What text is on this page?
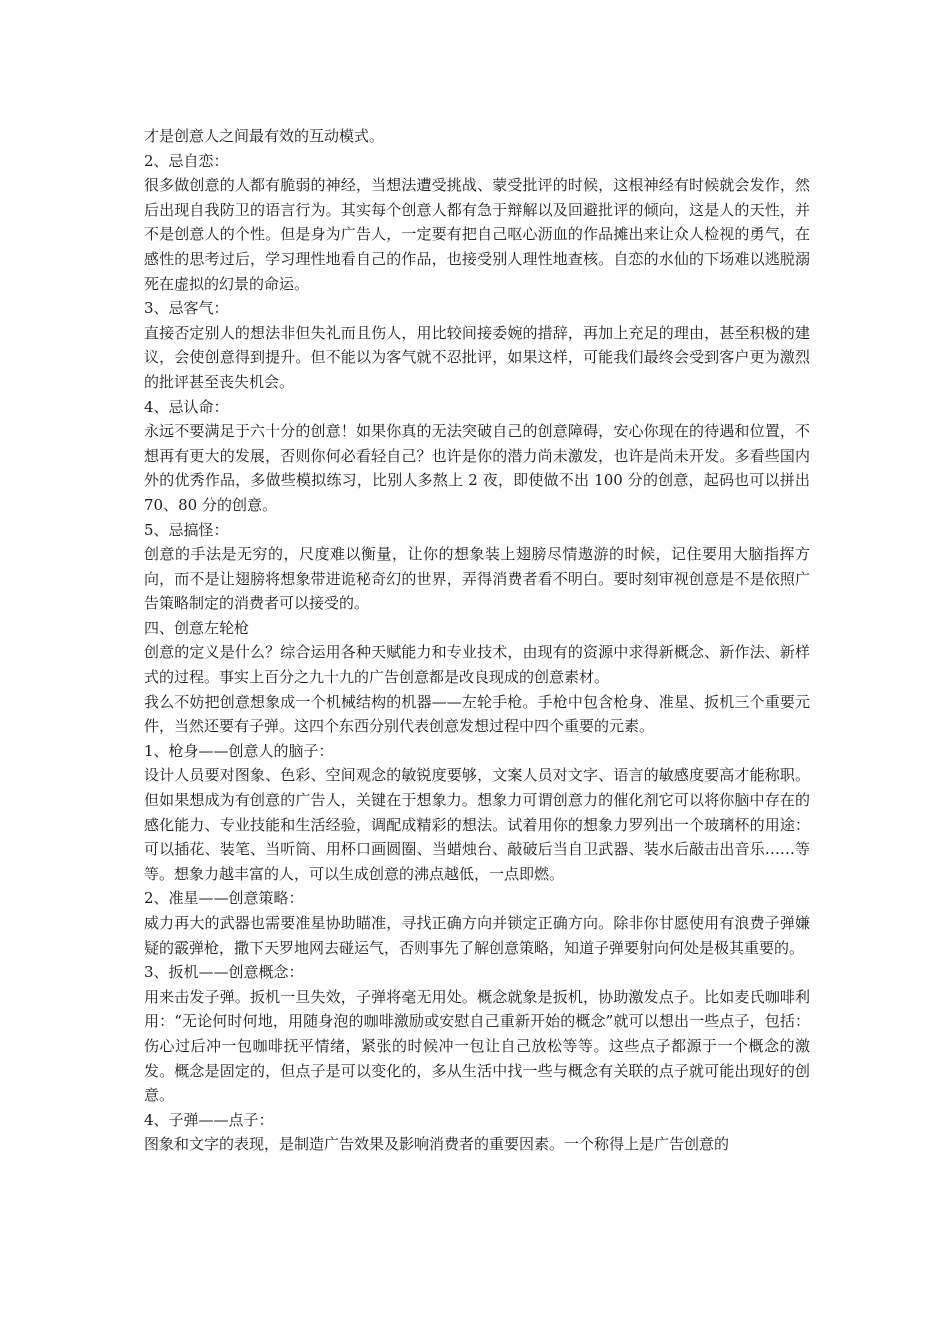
才是创意人之间最有效的互动模式。

2、忌自恋：

很多做创意的人都有脆弱的神经，当想法遭受挑战、蒙受批评的时候，这根神经有时候就会发作，然后出现自我防卫的语言行为。其实每个创意人都有急于辩解以及回避批评的倾向，这是人的天性，并不是创意人的个性。但是身为广告人，一定要有把自己呕心沥血的作品摊出来让众人检视的勇气，在感性的思考过后，学习理性地看自己的作品，也接受别人理性地查核。自恋的水仙的下场难以逃脱溺死在虚拟的幻景的命运。

3、忌客气：

直接否定别人的想法非但失礼而且伤人，用比较间接委婉的措辞，再加上充足的理由，甚至积极的建议，会使创意得到提升。但不能以为客气就不忍批评，如果这样，可能我们最终会受到客户更为激烈的批评甚至丧失机会。

4、忌认命：

永远不要满足于六十分的创意！如果你真的无法突破自己的创意障碍，安心你现在的待遇和位置，不想再有更大的发展，否则你何必看轻自己？也许是你的潜力尚未激发，也许是尚未开发。多看些国内外的优秀作品，多做些模拟练习，比别人多熬上 2 夜，即使做不出 100 分的创意，起码也可以拼出 70、80 分的创意。

5、忌搞怪：

创意的手法是无穷的，尺度难以衡量，让你的想象装上翅膀尽情遨游的时候，记住要用大脑指挥方向，而不是让翅膀将想象带进诡秘奇幻的世界，弄得消费者看不明白。要时刻审视创意是不是依照广告策略制定的消费者可以接受的。

四、创意左轮枪

创意的定义是什么？综合运用各种天赋能力和专业技术，由现有的资源中求得新概念、新作法、新样式的过程。事实上百分之九十九的广告创意都是改良现成的创意素材。

我么不妨把创意想象成一个机械结构的机器——左轮手枪。手枪中包含枪身、准星、扳机三个重要元件，当然还要有子弹。这四个东西分别代表创意发想过程中四个重要的元素。

1、枪身——创意人的脑子：

设计人员要对图象、色彩、空间观念的敏锐度要够，文案人员对文字、语言的敏感度要高才能称职。但如果想成为有创意的广告人，关键在于想象力。想象力可谓创意力的催化剂它可以将你脑中存在的感化能力、专业技能和生活经验，调配成精彩的想法。试着用你的想象力罗列出一个玻璃杯的用途：可以插花、装笔、当听筒、用杯口画圆圈、当蜡烛台、敲破后当自卫武器、装水后敲击出音乐……等等。想象力越丰富的人，可以生成创意的沸点越低，一点即燃。

2、准星——创意策略：

威力再大的武器也需要准星协助瞄准，寻找正确方向并锁定正确方向。除非你甘愿使用有浪费子弹嫌疑的霰弹枪，撒下天罗地网去碰运气，否则事先了解创意策略，知道子弹要射向何处是极其重要的。

3、扳机——创意概念：

用来击发子弹。扳机一旦失效，子弹将毫无用处。概念就象是扳机，协助激发点子。比如麦氏咖啡利用：“无论何时何地，用随身泡的咖啡激励或安慰自己重新开始的概念”就可以想出一些点子，包括：伤心过后冲一包咖啡抚平情绪，紧张的时候冲一包让自己放松等等。这些点子都源于一个概念的激发。概念是固定的，但点子是可以变化的，多从生活中找一些与概念有关联的点子就可能出现好的创意。

4、子弹——点子：

图象和文字的表现，是制造广告效果及影响消费者的重要因素。一个称得上是广告创意的
